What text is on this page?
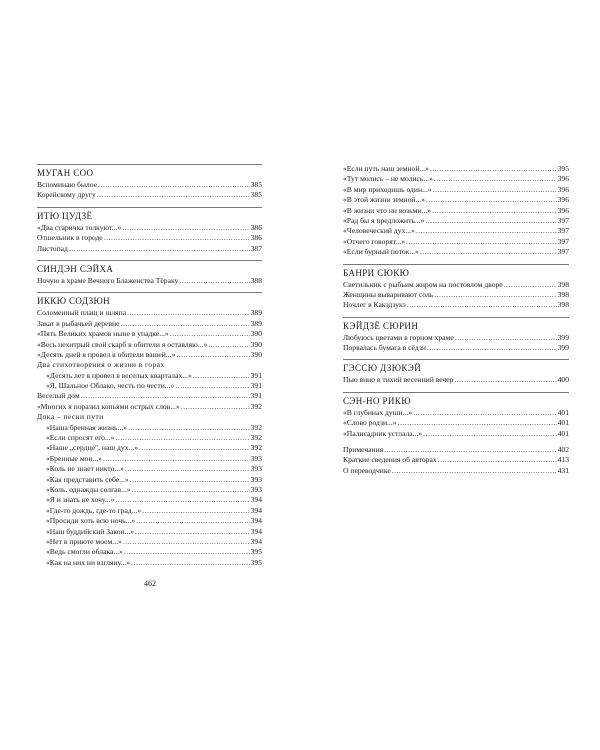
МУГАН СОО
Вспоминаю былое .....	385
Корейскому другу .....	385
ИТЮ ЦУДЗЁ
«Два старичка толкуют...» .....	386
Отшельник в городе .....	386
Листопад .....	387
СИНДЭН СЭЙХА
Ночую в храме Вечного Блаженства Тёраку .....	388
ИККЮ СОДЗЮН
Соломенный плащ и шляпа .....	389
Закат в рыбачьей деревне .....	389
«Пять Великих храмов ныне в упадке...» .....	390
«Весь нехитрый свой скарб в обители я оставляю...» .....	390
«Десять дней я провел в обители вашей...» .....	390
Два стихотворения о жизни в горах
«Десять лет я провел в веселых кварталах...» .....	391
«Я, Шальное Облако, честь по чести...» .....	391
Веселый дом .....	391
«Многих я поразил копьями острых слов...» .....	392
Дока – песни пути
«Наша бренная жизнь...» .....	392
«Если спросят его...» .....	392
«Наше „сердце", наш дух...» .....	392
«Бренные мои...» .....	393
«Коль не знает никто...» .....	393
«Как представить себе...» .....	393
«Коль, однажды солгав...» .....	393
«Я и знать не хочу...» .....	394
«Где-то дождь, где-то град...» .....	394
«Просиди хоть всю ночь...» .....	394
«Наш буддийский Закон...» .....	394
«Нет в приюте моем...» .....	394
«Ведь смогли облака...» .....	395
«Как на них ни взгляну...» .....	395
«Если путь наш земной...» .....	395
«Тут молись – не молись...» .....	396
«В мир приходишь один...» .....	396
«В этой жизни земной...» .....	396
«В жизни что ни возьми...» .....	396
«Рад бы я предложить...» .....	397
«Человеческий дух...» .....	397
«Отчего говорят...» .....	397
«Если бурный поток...» .....	397
БАНРИ СЮКЮ
Светильник с рыбьим жиром на постоялом дворе .....	398
Женщины вываривают соль .....	398
Ночлег в Какэдзукэ .....	398
КЭЙДЗЁ СЮРИН
Любуюсь цветами в горном храме .....	399
Порвалась бумага в сёдзи .....	399
ГЭССЮ ДЗЮКЭЙ
Пью вино в тихий весенний вечер .....	400
СЭН-НО РИКЮ
«В глубинах души...» .....	401
«Слово родзи...» .....	401
«Палисадник устлала...» .....	401
Примечания .....	402
Краткие сведения об авторах .....	413
О переводчике .....	431
462
